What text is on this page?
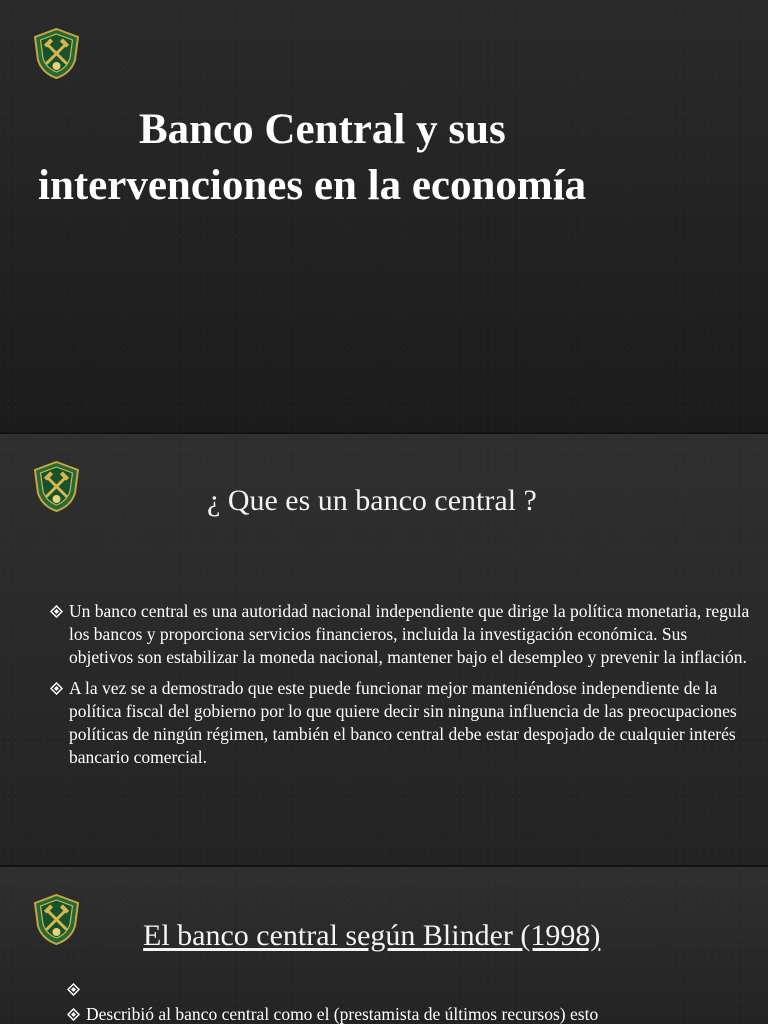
Banco Central y sus
intervenciones en la economía
¿ Que es un banco central ?
Un banco central es una autoridad nacional independiente que dirige la política monetaria, regula los bancos y proporciona servicios financieros, incluida la investigación económica. Sus objetivos son estabilizar la moneda nacional, mantener bajo el desempleo y prevenir la inflación.
A la vez se a demostrado que este puede funcionar mejor manteniéndose independiente de la política fiscal del gobierno por lo que quiere decir sin ninguna influencia de las preocupaciones políticas de ningún régimen, también el banco central debe estar despojado de cualquier interés bancario comercial.
El banco central según Blinder (1998)
Describió al banco central como el (prestamista de últimos recursos) esto
